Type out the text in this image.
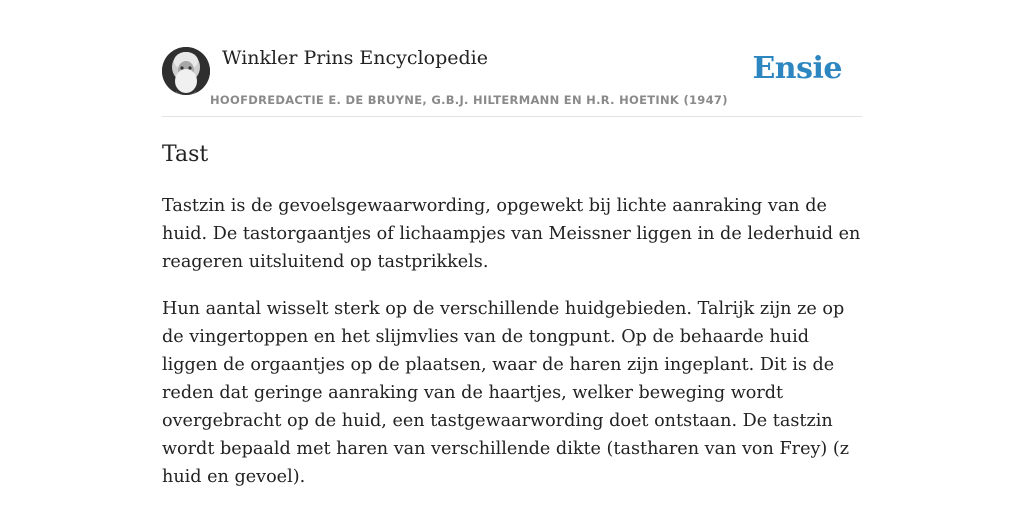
Winkler Prins Encyclopedie
HOOFDREDACTIE E. DE BRUYNE, G.B.J. HILTERMANN EN H.R. HOETINK (1947)
Ensie
Tast

Tastzin is de gevoelsgewaarwording, opgewekt bij lichte aanraking van de huid. De tastorgaantjes of lichaampjes van Meissner liggen in de lederhuid en reageren uitsluitend op tastprikkels.

Hun aantal wisselt sterk op de verschillende huidgebieden. Talrijk zijn ze op de vingertoppen en het slijmvlies van de tongpunt. Op de behaarde huid liggen de orgaantjes op de plaatsen, waar de haren zijn ingeplant. Dit is de reden dat geringe aanraking van de haartjes, welker beweging wordt overgebracht op de huid, een tastgewaarwording doet ontstaan. De tastzin wordt bepaald met haren van verschillende dikte (tastharen van von Frey) (z huid en gevoel).
